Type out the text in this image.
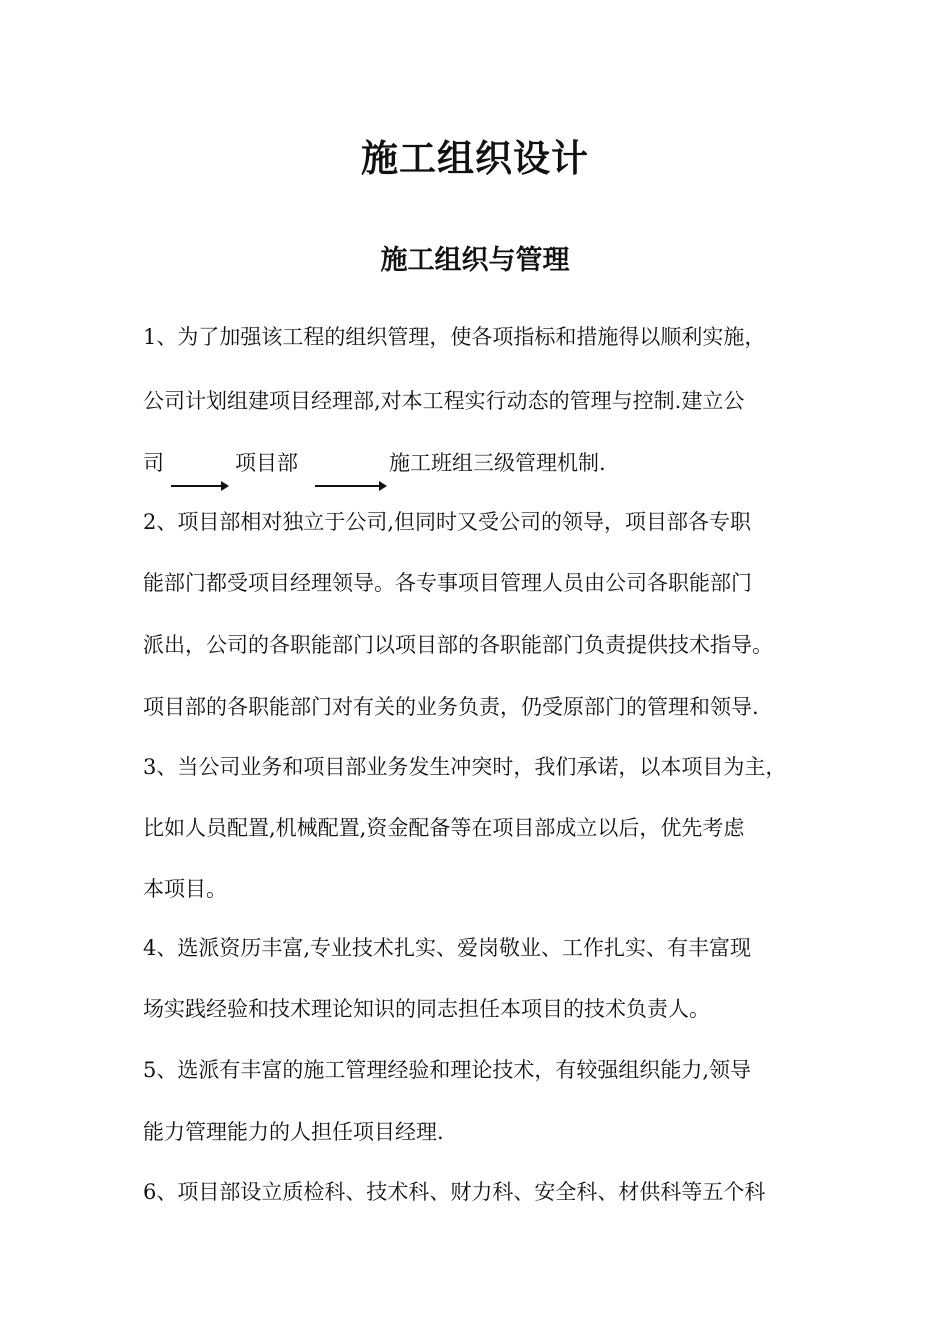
施工组织设计
施工组织与管理
1、为了加强该工程的组织管理，使各项指标和措施得以顺利实施，
公司计划组建项目经理部,对本工程实行动态的管理与控制.建立公
司	项目部	施工班组三级管理机制.
2、项目部相对独立于公司,但同时又受公司的领导，项目部各专职
能部门都受项目经理领导。各专事项目管理人员由公司各职能部门
派出，公司的各职能部门以项目部的各职能部门负责提供技术指导。
项目部的各职能部门对有关的业务负责，仍受原部门的管理和领导.
3、当公司业务和项目部业务发生冲突时，我们承诺，以本项目为主，
比如人员配置,机械配置,资金配备等在项目部成立以后，优先考虑
本项目。
4、选派资历丰富,专业技术扎实、爱岗敬业、工作扎实、有丰富现
场实践经验和技术理论知识的同志担任本项目的技术负责人。
5、选派有丰富的施工管理经验和理论技术，有较强组织能力,领导
能力管理能力的人担任项目经理.
6、项目部设立质检科、技术科、财力科、安全科、材供科等五个科
